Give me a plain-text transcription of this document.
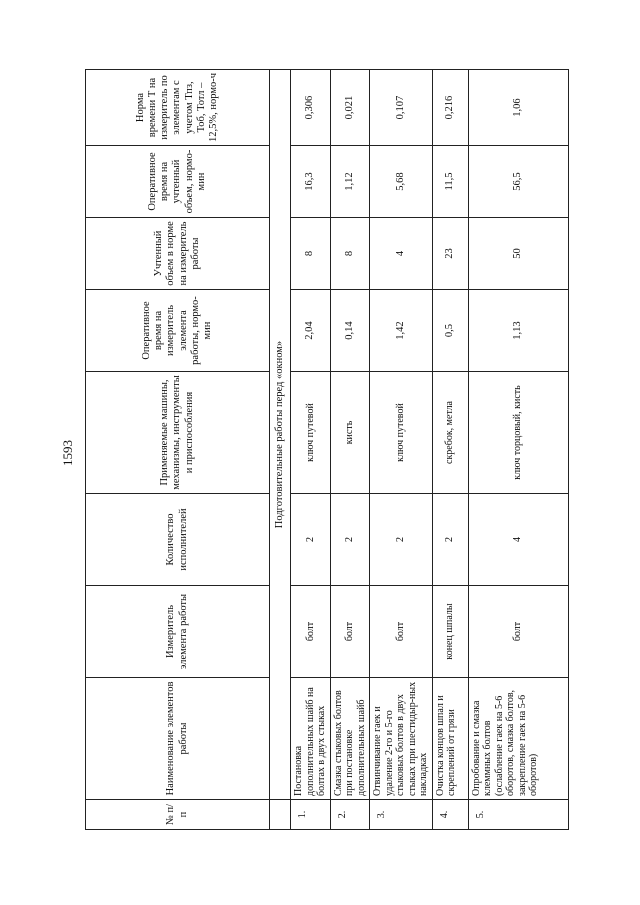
1593
№ п/п	Наименование элементов работы	Измеритель элемента работы	Количество исполнителей	Применяемые машины, механизмы, инструменты и приспособления	Оперативное время на измеритель элемента работы, нормо-мин	Учтенный объем в норме на измеритель работы	Оперативное время на учтенный объем, нормо-мин	Норма времени Т на измеритель по элементам с учетом Тпз, Тоб, Тотл – 12,5%, нормо-ч
	Подготовительные работы перед «окном»							
1.	Постановка дополнительных шайб на болтах в двух стыках	болт	2	ключ путевой	2,04	8	16,3	0,306
2.	Смазка стыковых болтов при постановке дополнительных шайб	болт	2	кисть	0,14	8	1,12	0,021
3.	Отвинчивание гаек и удаление 2-го и 5-го стыковых болтов в двух стыках при шестидыр-ных накладках	болт	2	ключ путевой	1,42	4	5,68	0,107
4.	Очистка концов шпал и скреплений от грязи	конец шпалы	2	скребок, метла	0,5	23	11,5	0,216
5.	Опробование и смазка клеммных болтов (ослабление гаек на 5-6 оборотов, смазка болтов, закрепление гаек на 5-6 оборотов)	болт	4	ключ торцовый, кисть	1,13	50	56,5	1,06
